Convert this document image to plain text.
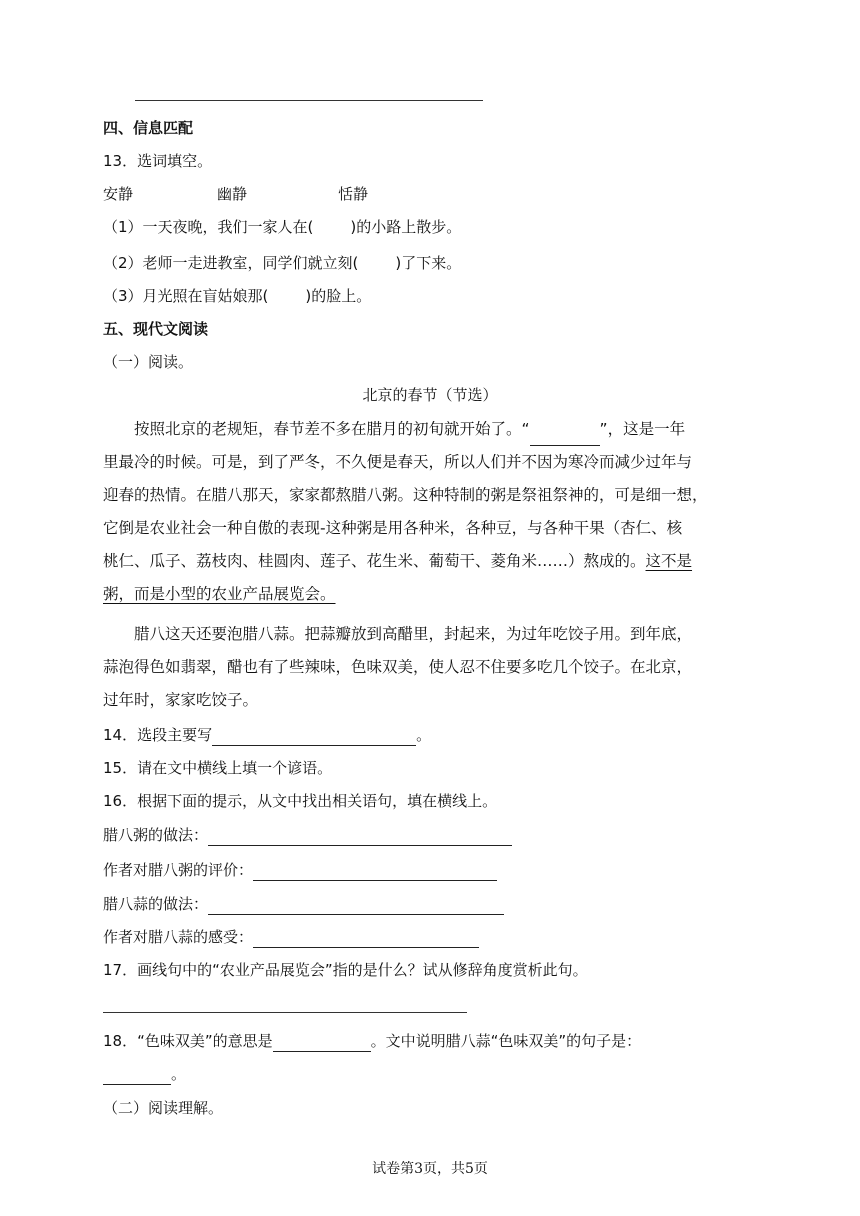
四、信息匹配
13．选词填空。
安静	幽静	恬静
（1）一天夜晚，我们一家人在( )的小路上散步。
（2）老师一走进教室，同学们就立刻( )了下来。
（3）月光照在盲姑娘那( )的脸上。
五、现代文阅读
（一）阅读。
北京的春节（节选）
按照北京的老规矩，春节差不多在腊月的初旬就开始了。“	”，这是一年
里最冷的时候。可是，到了严冬，不久便是春天，所以人们并不因为寒冷而减少过年与
迎春的热情。在腊八那天，家家都熬腊八粥。这种特制的粥是祭祖祭神的，可是细一想，
它倒是农业社会一种自傲的表现-这种粥是用各种米，各种豆，与各种干果（杏仁、核
桃仁、瓜子、荔枝肉、桂圆肉、莲子、花生米、葡萄干、菱角米……）熬成的。这不是
粥，而是小型的农业产品展览会。
腊八这天还要泡腊八蒜。把蒜瓣放到高醋里，封起来，为过年吃饺子用。到年底，
蒜泡得色如翡翠，醋也有了些辣味，色味双美，使人忍不住要多吃几个饺子。在北京，
过年时，家家吃饺子。
14．选段主要写	。
15．请在文中横线上填一个谚语。
16．根据下面的提示，从文中找出相关语句，填在横线上。
腊八粥的做法：
作者对腊八粥的评价：
腊八蒜的做法：
作者对腊八蒜的感受：
17．画线句中的“农业产品展览会”指的是什么？试从修辞角度赏析此句。
18．“色味双美”的意思是	。文中说明腊八蒜“色味双美”的句子是：
。
（二）阅读理解。
试卷第3页，共5页
